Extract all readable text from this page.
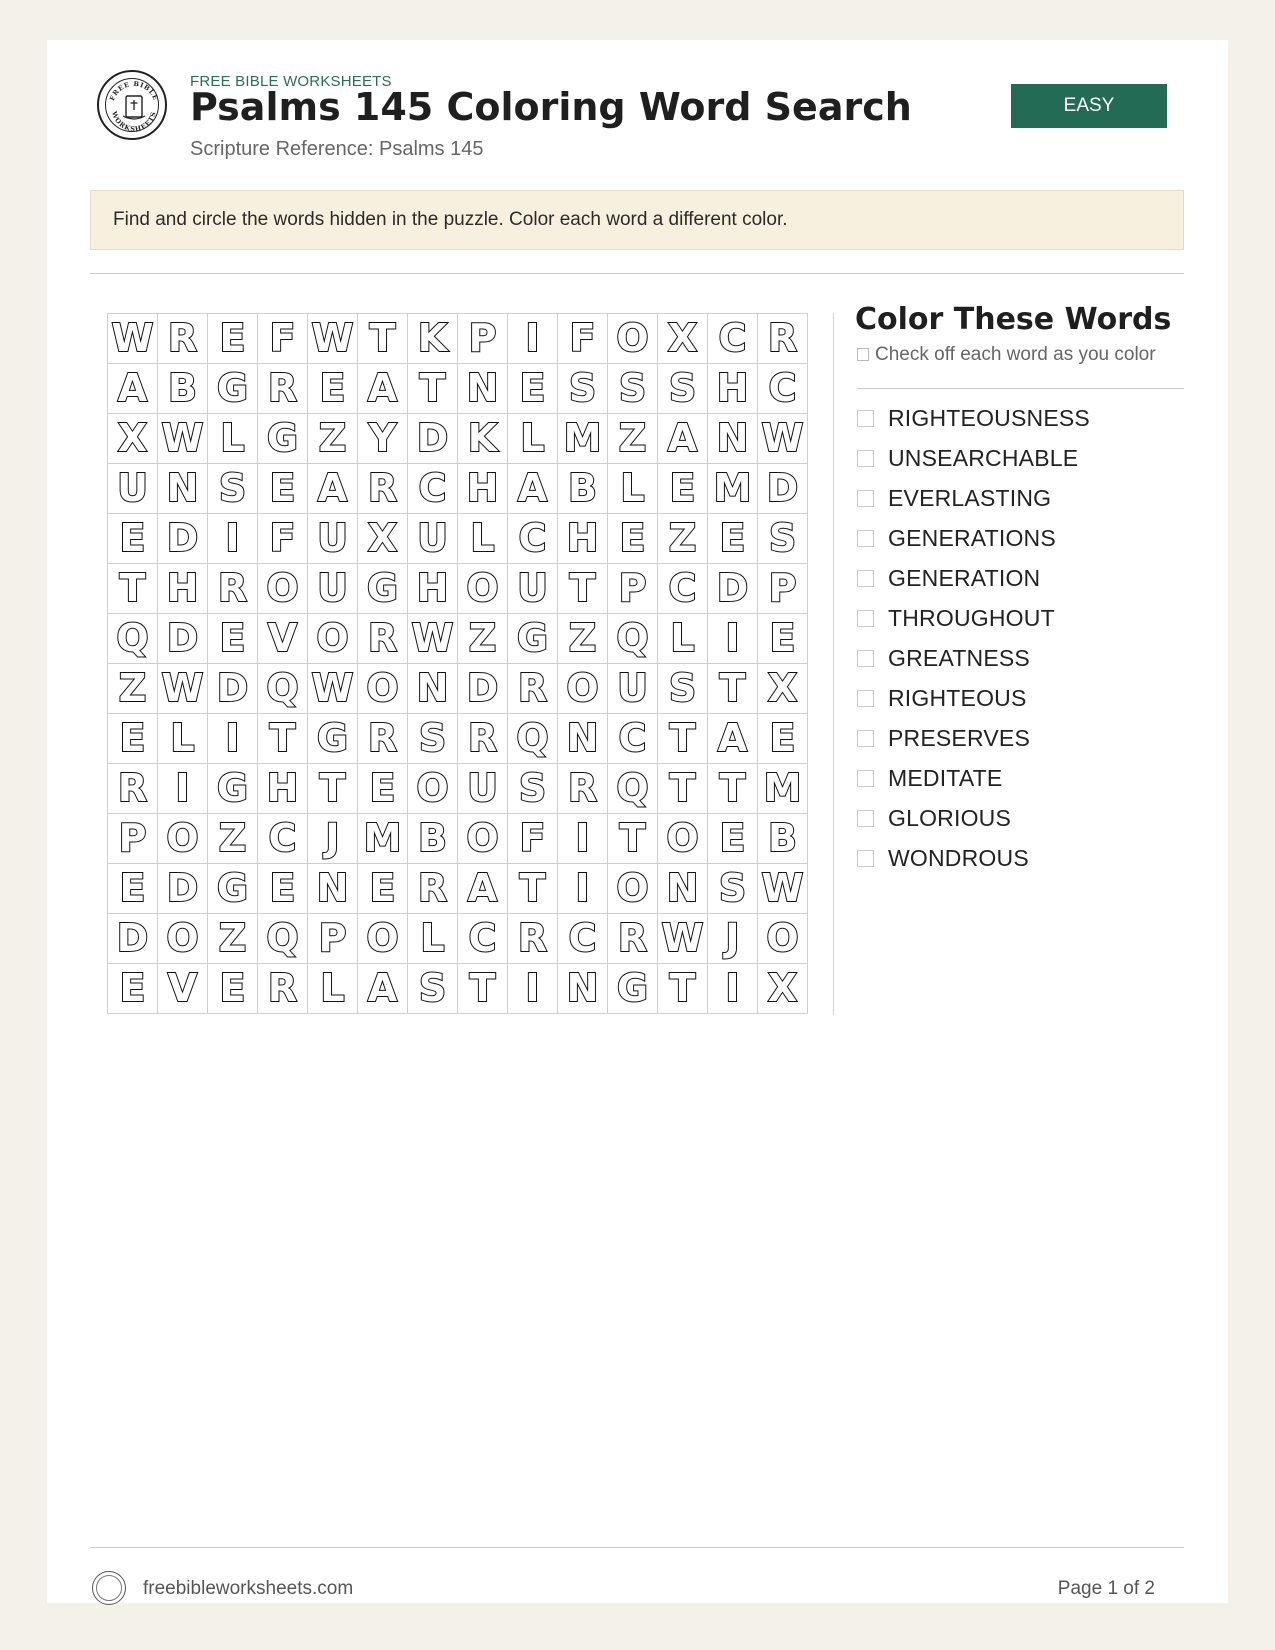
FREE BIBLE
WORKSHEETS
FREE BIBLE WORKSHEETS
Psalms 145 Coloring Word Search
Scripture Reference: Psalms 145
EASY
Find and circle the words hidden in the puzzle. Color each word a different color.
W R E F W T K P I F O X C R
A B G R E A T N E S S S H C
X W L G Z Y D K L M Z A N W
U N S E A R C H A B L E M D
E D I F U X U L C H E Z E S
T H R O U G H O U T P C D P
Q D E V O R W Z G Z Q L I E
Z W D Q W O N D R O U S T X
E L I T G R S R Q N C T A E
R I G H T E O U S R Q T T M
P O Z C J M B O F I T O E B
E D G E N E R A T I O N S W
D O Z Q P O L C R C R W J O
E V E R L A S T I N G T I X
Color These Words
Check off each word as you color
RIGHTEOUSNESS
UNSEARCHABLE
EVERLASTING
GENERATIONS
GENERATION
THROUGHOUT
GREATNESS
RIGHTEOUS
PRESERVES
MEDITATE
GLORIOUS
WONDROUS
freebibleworksheets.com	Page 1 of 2
